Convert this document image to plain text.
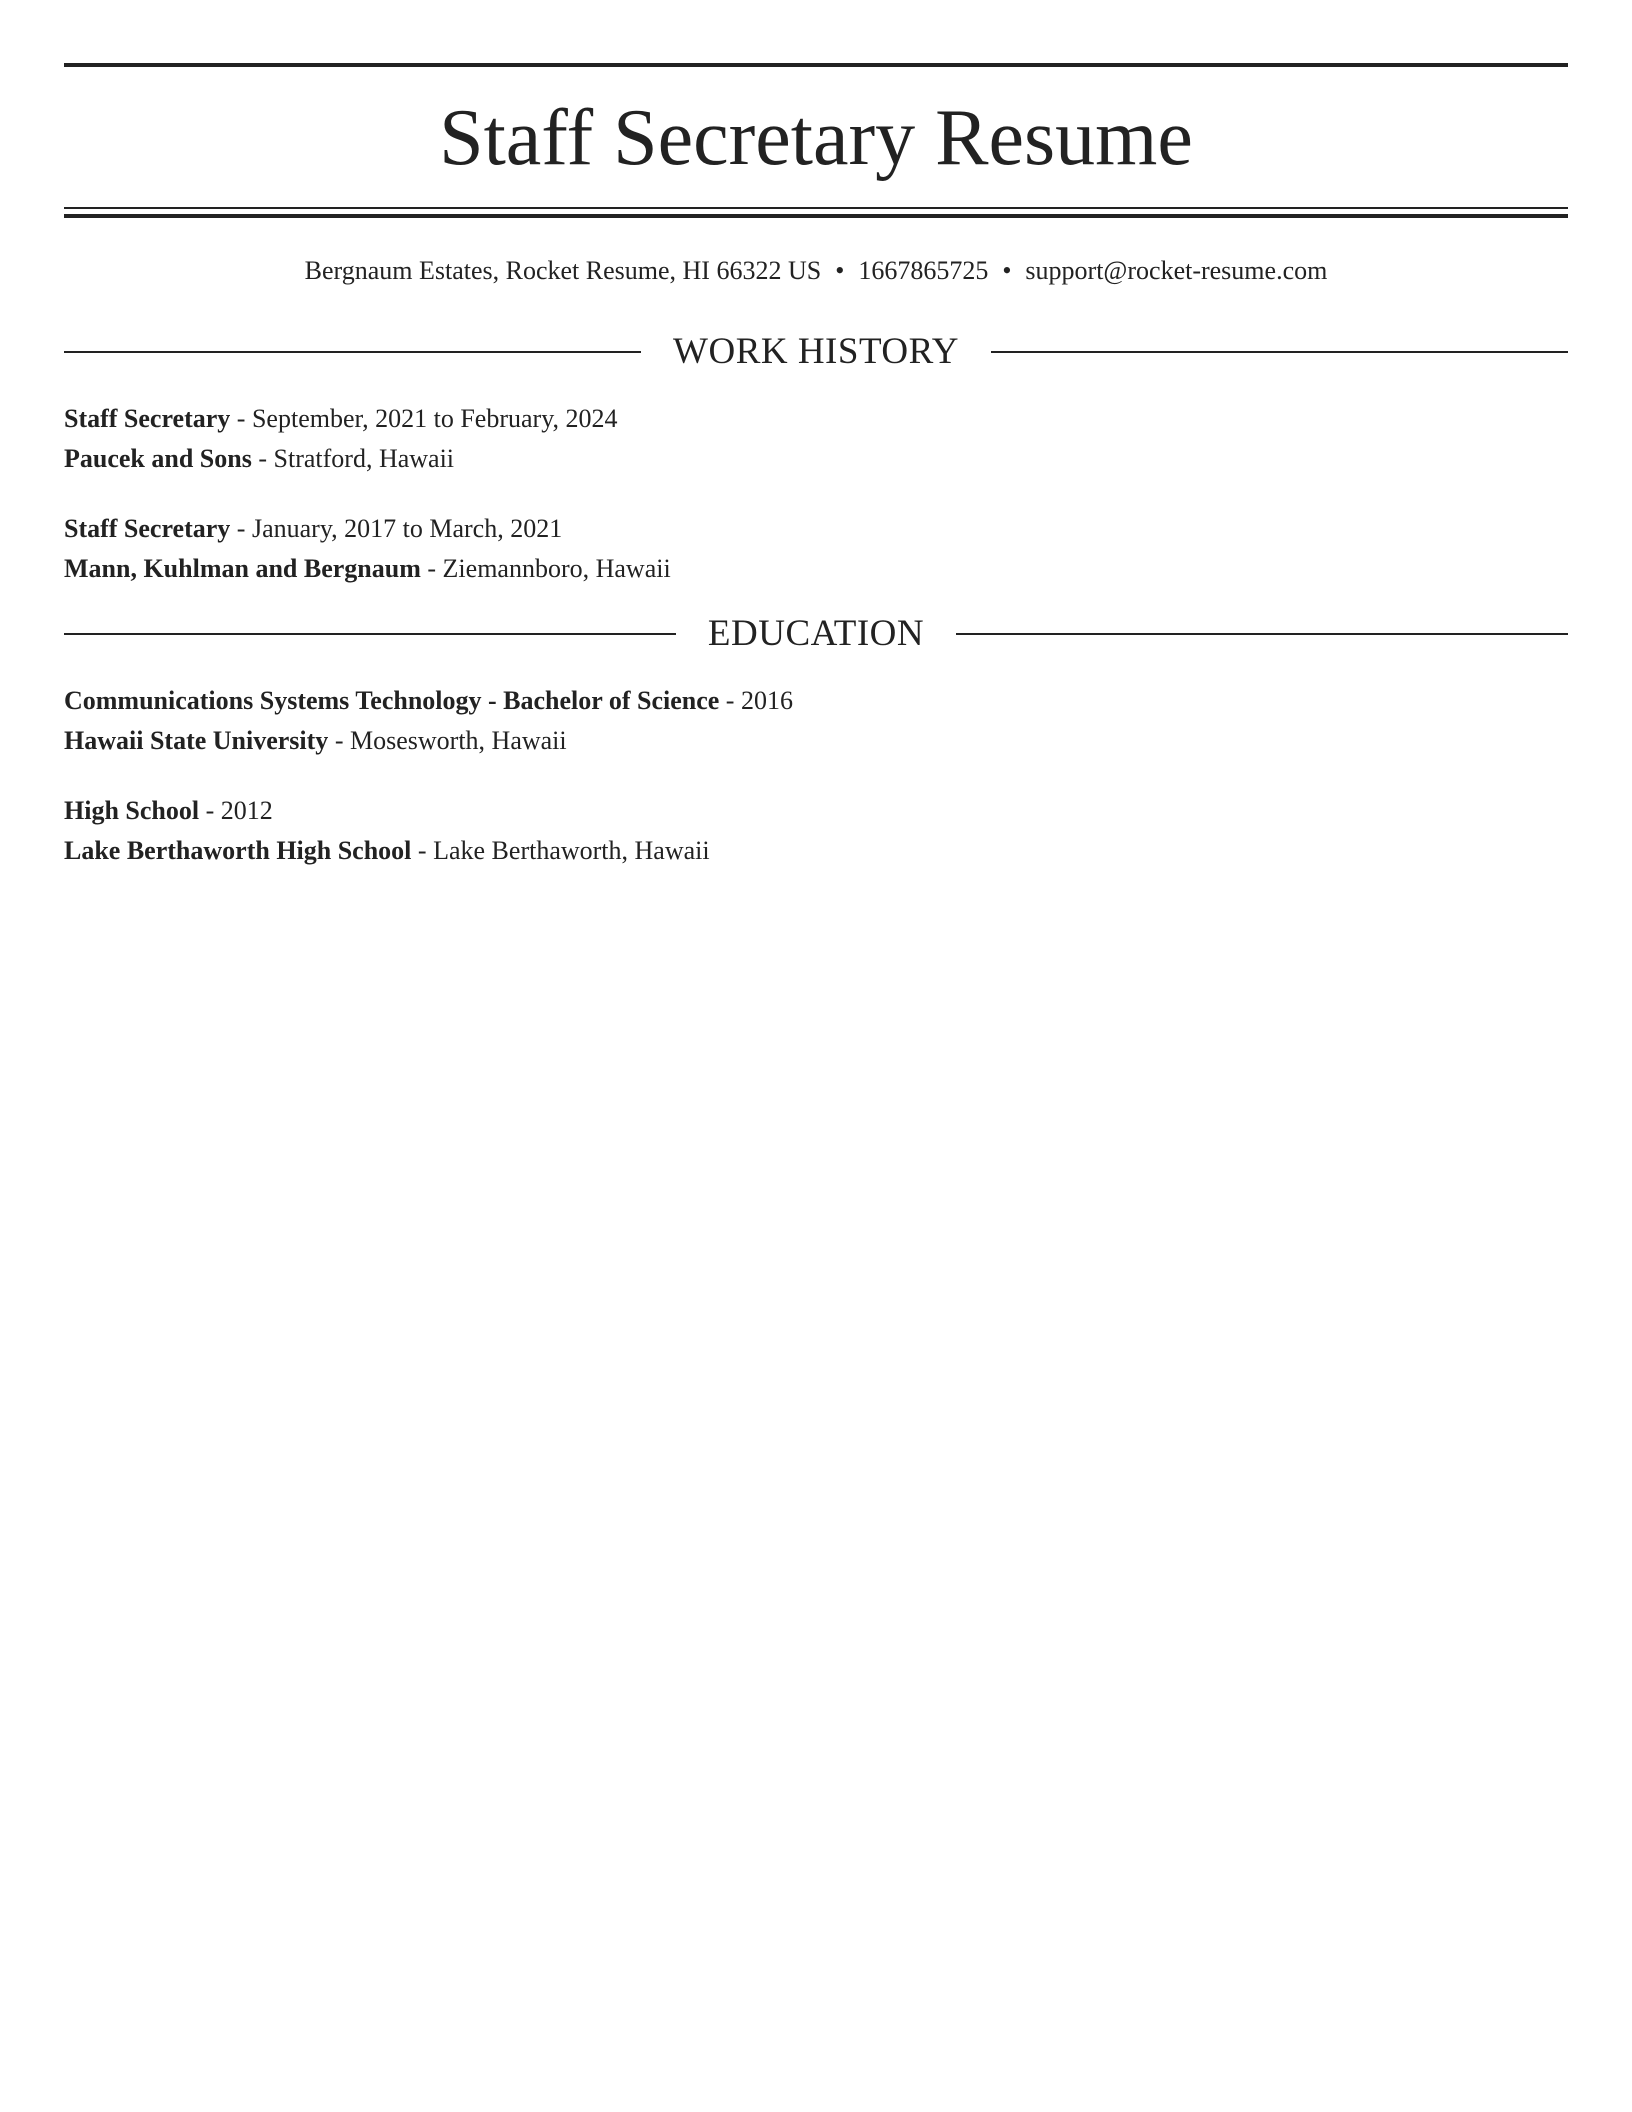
Staff Secretary Resume
Bergnaum Estates, Rocket Resume, HI 66322 US • 1667865725 • support@rocket-resume.com
WORK HISTORY
Staff Secretary - September, 2021 to February, 2024
Paucek and Sons - Stratford, Hawaii
Staff Secretary - January, 2017 to March, 2021
Mann, Kuhlman and Bergnaum - Ziemannboro, Hawaii
EDUCATION
Communications Systems Technology - Bachelor of Science - 2016
Hawaii State University - Mosesworth, Hawaii
High School - 2012
Lake Berthaworth High School - Lake Berthaworth, Hawaii
